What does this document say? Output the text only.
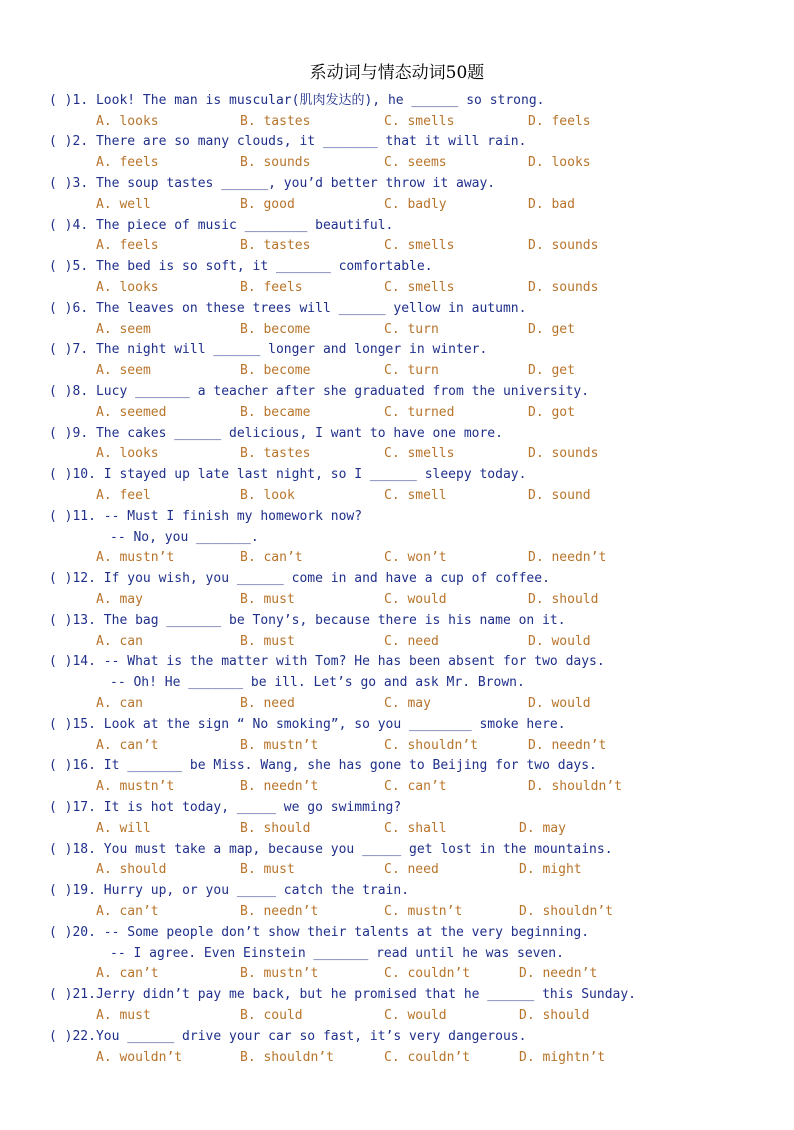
系动词与情态动词50题
( )1. Look! The man is muscular(肌肉发达的), he ______ so strong.

A. looks

	B. tastes

	C. smells

	D. feels

( )2. There are so many clouds, it _______ that it will rain.

A. feels

	B. sounds

	C. seems

	D. looks

( )3. The soup tastes ______, you’d better throw it away.

A. well

	B. good

	C. badly

	D. bad

( )4. The piece of music ________ beautiful.

A. feels

	B. tastes

	C. smells

	D. sounds

( )5. The bed is so soft, it _______ comfortable.

A. looks

	B. feels

	C. smells

	D. sounds

( )6. The leaves on these trees will ______ yellow in autumn.

A. seem

	B. become

	C. turn

	D. get

( )7. The night will ______ longer and longer in winter.

A. seem

	B. become

	C. turn

	D. get

( )8. Lucy _______ a teacher after she graduated from the university.

A. seemed

	B. became

	C. turned

	D. got

( )9. The cakes ______ delicious, I want to have one more.

A. looks

	B. tastes

	C. smells

	D. sounds

( )10. I stayed up late last night, so I ______ sleepy today.

A. feel

	B. look

	C. smell

	D. sound

( )11. -- Must I finish my homework now?
-- No, you _______.

A. mustn’t

	B. can’t

	C. won’t

	D. needn’t

( )12. If you wish, you ______ come in and have a cup of coffee.

A. may

	B. must

	C. would

	D. should

( )13. The bag _______ be Tony’s, because there is his name on it.

A. can

	B. must

	C. need

	D. would

( )14. -- What is the matter with Tom? He has been absent for two days.
-- Oh! He _______ be ill. Let’s go and ask Mr. Brown.

A. can

	B. need

	C. may

	D. would

( )15. Look at the sign “ No smoking”, so you ________ smoke here.

A. can’t

	B. mustn’t

	C. shouldn’t

	D. needn’t

( )16. It _______ be Miss. Wang, she has gone to Beijing for two days.

A. mustn’t

	B. needn’t

	C. can’t

	D. shouldn’t

( )17. It is hot today, _____ we go swimming?

A. will

	B. should

	C. shall

	D. may

( )18. You must take a map, because you _____ get lost in the mountains.

A. should

	B. must

	C. need

	D. might

( )19. Hurry up, or you _____ catch the train.

A. can’t

	B. needn’t

	C. mustn’t

	D. shouldn’t

( )20. -- Some people don’t show their talents at the very beginning.
-- I agree. Even Einstein _______ read until he was seven.

A. can’t

	B. mustn’t

	C. couldn’t

	D. needn’t

( )21.Jerry didn’t pay me back, but he promised that he ______ this Sunday.

A. must

	B. could

	C. would

	D. should

( )22.You ______ drive your car so fast, it’s very dangerous.

A. wouldn’t

	B. shouldn’t

	C. couldn’t

	D. mightn’t
